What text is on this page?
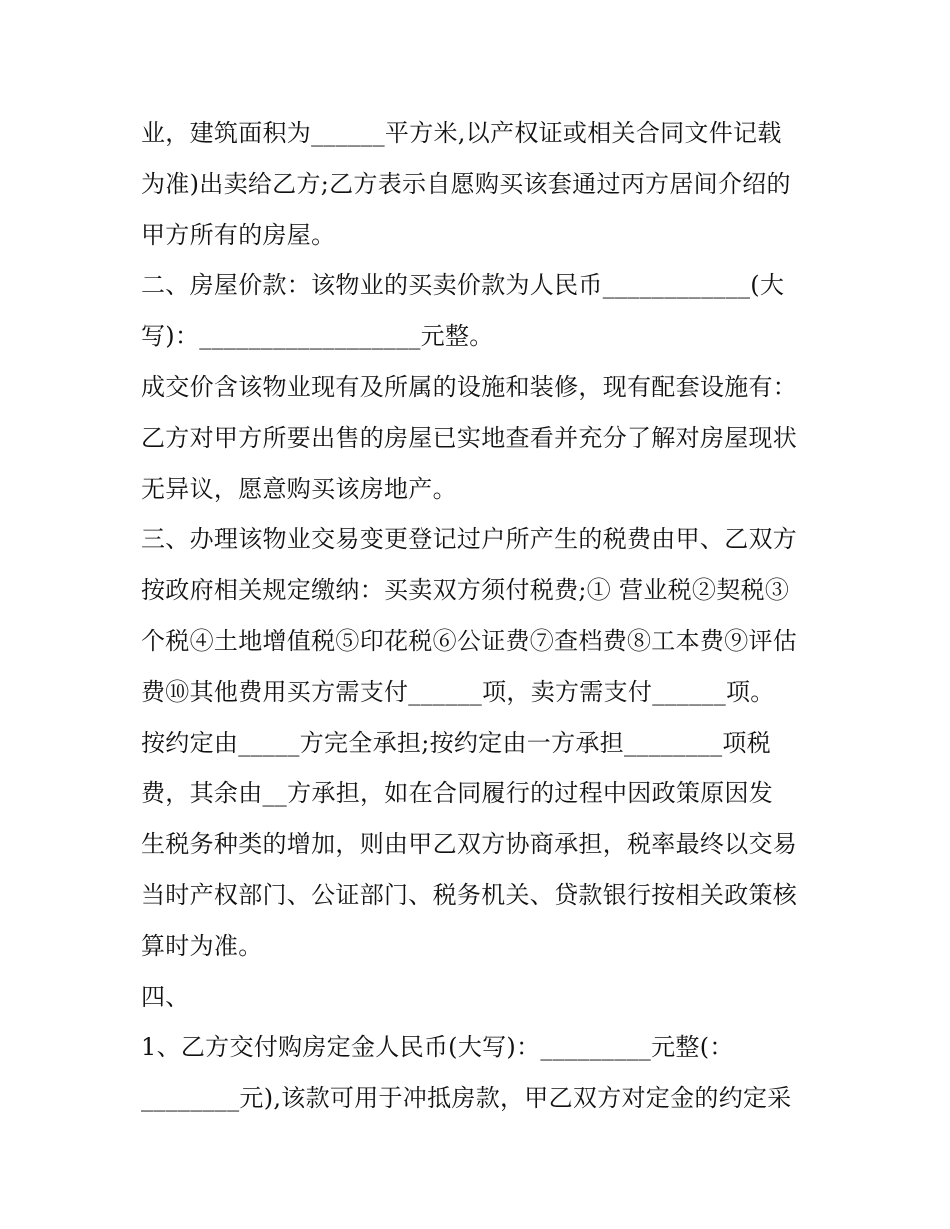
业，建筑面积为______平方米,以产权证或相关合同文件记载
为准)出卖给乙方;乙方表示自愿购买该套通过丙方居间介绍的
甲方所有的房屋。
二、房屋价款：该物业的买卖价款为人民币____________(大
写)：__________________元整。
成交价含该物业现有及所属的设施和装修，现有配套设施有：
乙方对甲方所要出售的房屋已实地查看并充分了解对房屋现状
无异议，愿意购买该房地产。
三、办理该物业交易变更登记过户所产生的税费由甲、乙双方
按政府相关规定缴纳：买卖双方须付税费;① 营业税②契税③
个税④土地增值税⑤印花税⑥公证费⑦查档费⑧工本费⑨评估
费⑩其他费用买方需支付______项，卖方需支付______项。
按约定由_____方完全承担;按约定由一方承担________项税
费，其余由__方承担，如在合同履行的过程中因政策原因发
生税务种类的增加，则由甲乙双方协商承担，税率最终以交易
当时产权部门、公证部门、税务机关、贷款银行按相关政策核
算时为准。
四、
1、乙方交付购房定金人民币(大写)：_________元整(：
________元),该款可用于冲抵房款，甲乙双方对定金的约定采
